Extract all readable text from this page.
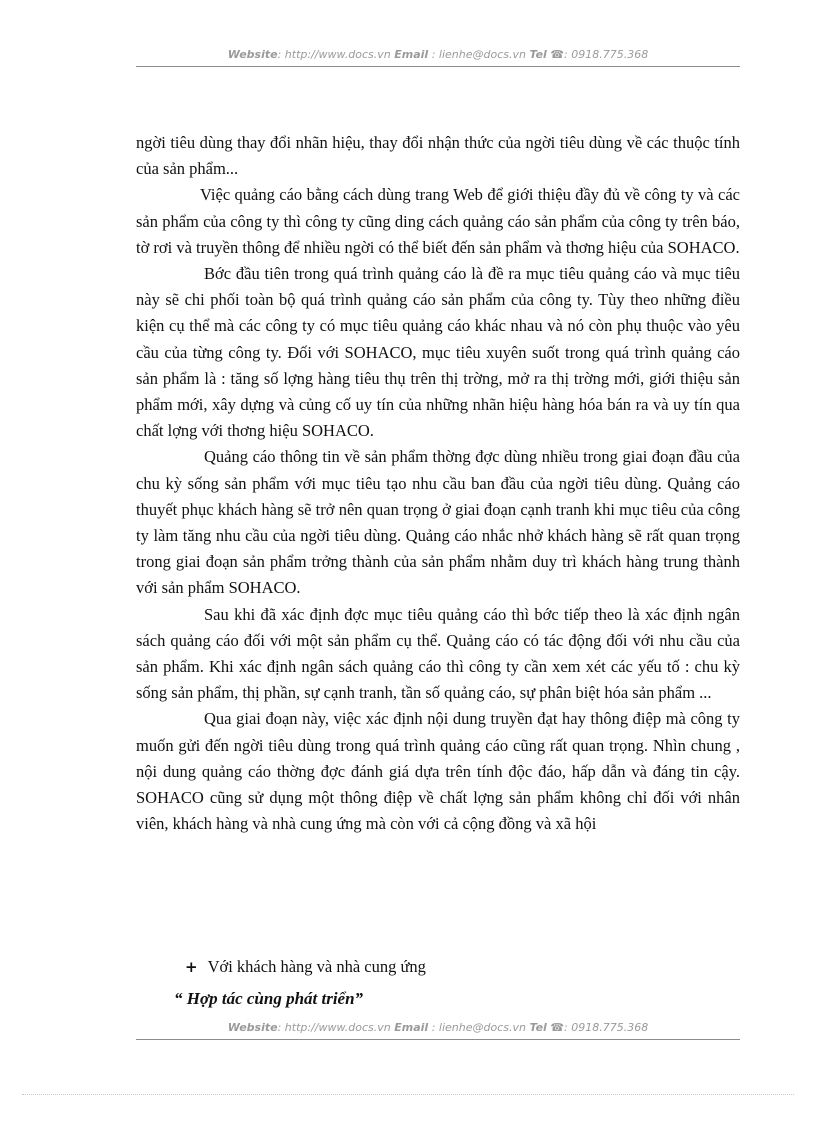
Website: http://www.docs.vn Email : lienhe@docs.vn Tel ☎: 0918.775.368

ngời tiêu dùng thay đổi nhãn hiệu, thay đổi nhận thức của ngời tiêu dùng về các thuộc tính của sản phẩm...

Việc quảng cáo bằng cách dùng trang Web để giới thiệu đầy đủ về công ty và các sản phẩm của công ty thì công ty cũng ding cách quảng cáo sản phẩm của công ty trên báo, tờ rơi và truyền thông để nhiều ngời có thể biết đến sản phẩm và thơng hiệu của SOHACO.

Bớc đầu tiên trong quá trình quảng cáo là đề ra mục tiêu quảng cáo và mục tiêu này sẽ chi phối toàn bộ quá trình quảng cáo sản phẩm của công ty. Tùy theo những điều kiện cụ thể mà các công ty có mục tiêu quảng cáo khác nhau và nó còn phụ thuộc vào yêu cầu của từng công ty. Đối với SOHACO, mục tiêu xuyên suốt trong quá trình quảng cáo sản phẩm là : tăng số lợng hàng tiêu thụ trên thị trờng, mở ra thị trờng mới, giới thiệu sản phẩm mới, xây dựng và củng cố uy tín của những nhãn hiệu hàng hóa bán ra và uy tín qua chất lợng với thơng hiệu SOHACO.

Quảng cáo thông tin về sản phẩm thờng đợc dùng nhiều trong giai đoạn đầu của chu kỳ sống sản phẩm với mục tiêu tạo nhu cầu ban đầu của ngời tiêu dùng. Quảng cáo thuyết phục khách hàng sẽ trở nên quan trọng ở giai đoạn cạnh tranh khi mục tiêu của công ty làm tăng nhu cầu của ngời tiêu dùng. Quảng cáo nhắc nhở khách hàng sẽ rất quan trọng trong giai đoạn sản phẩm trởng thành của sản phẩm nhằm duy trì khách hàng trung thành với sản phẩm SOHACO.

Sau khi đã xác định đợc mục tiêu quảng cáo thì bớc tiếp theo là xác định ngân sách quảng cáo đối với một sản phẩm cụ thể. Quảng cáo có tác động đối với nhu cầu của sản phẩm. Khi xác định ngân sách quảng cáo thì công ty cần xem xét các yếu tố : chu kỳ sống sản phẩm, thị phần, sự cạnh tranh, tần số quảng cáo, sự phân biệt hóa sản phẩm ...

Qua giai đoạn này, việc xác định nội dung truyền đạt hay thông điệp mà công ty muốn gửi đến ngời tiêu dùng trong quá trình quảng cáo cũng rất quan trọng. Nhìn chung , nội dung quảng cáo thờng đợc đánh giá dựa trên tính độc đáo, hấp dẫn và đáng tin cậy. SOHACO cũng sử dụng một thông điệp về chất lợng sản phẩm không chỉ đối với nhân viên, khách hàng và nhà cung ứng mà còn với cả cộng đồng và xã hội

+ Với khách hàng và nhà cung ứng
“ Hợp tác cùng phát triển”
Website: http://www.docs.vn Email : lienhe@docs.vn Tel ☎: 0918.775.368
